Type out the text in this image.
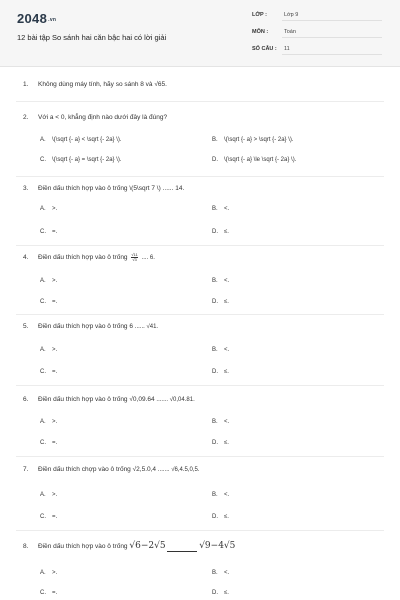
2048.vn
12 bài tập So sánh hai căn bậc hai có lời giải
LỚP :	Lớp 9
MÔN :	Toán
SỐ CÂU : 11
1. Không dùng máy tính, hãy so sánh 8 và √65.
2. Với a < 0, khẳng định nào dưới đây là đúng?
A. \(\sqrt {- a} < \sqrt {- 2a} \).	B. \(\sqrt {- a} > \sqrt {- 2a} \).
C. \(\sqrt {- a} = \sqrt {- 2a} \).	D. \(\sqrt {- a} \le \sqrt {- 2a} \).
3. Điền dấu thích hợp vào ô trống \(5\sqrt 7 \) ...... 14.
A. >.	B. <.
C. =.	D. ≤.
4. Điền dấu thích hợp vào ô trống $\frac{√11}{√3}$ .... 6.
A. >.	B. <.
C. =.	D. ≤.
5. Điền dấu thích hợp vào ô trống 6 ...... √41.
A. >.	B. <.
C. =.	D. ≤.
6. Điền dấu thích hợp vào ô trống √0,09.64 ....... √0,04.81.
A. >.	B. <.
C. =.	D. ≤.
7. Điền dấu thích chợp vào ô trống √2,5.0,4 ....... √6,4.5,0,5.
A. >.	B. <.
C. =.	D. ≤.
8. Điền dấu thích hợp vào ô trống √6−2√5	√9−4√5
A. >.	B. <.
C. =.	D. ≤.
